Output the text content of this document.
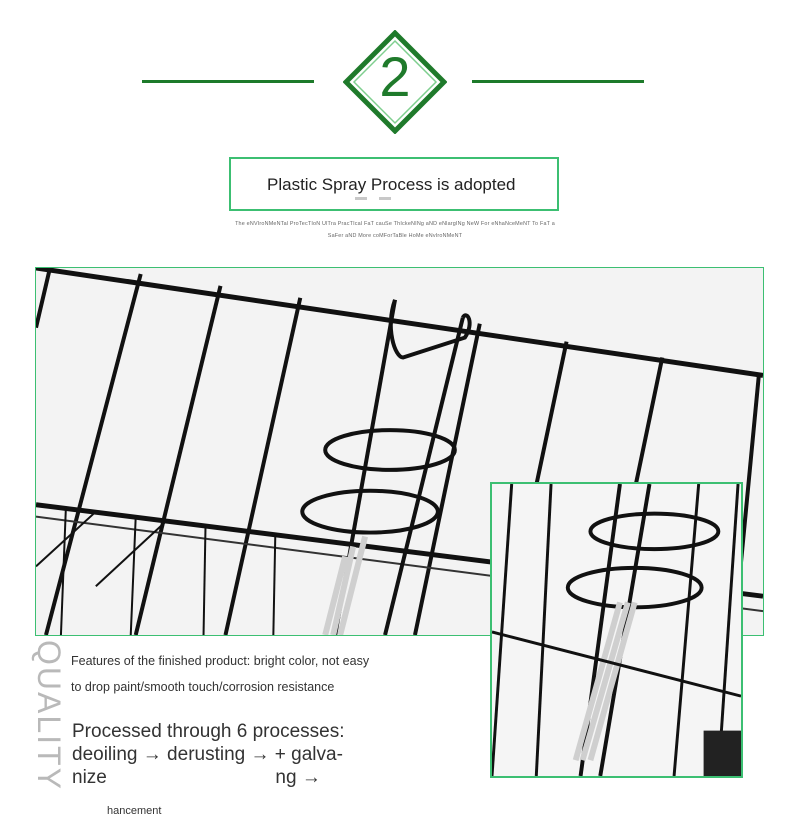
2
Plastic Spray Process is adopted
The eNVIroNMeNTal ProTecTIoN UlTra PracTIcal FaT cauSe ThIckeNINg aND eNlargINg NeW For eNhaNceMeNT To FaT a
SaFer aND More coMForTaBle HoMe eNvIroNMeNT
QUALITY Features of the finished product: bright color, not easy
to drop paint/smooth touch/corrosion resistance
Processed through 6 processes:
deoiling → derusting → + galva-
nize	ng →
hancement
